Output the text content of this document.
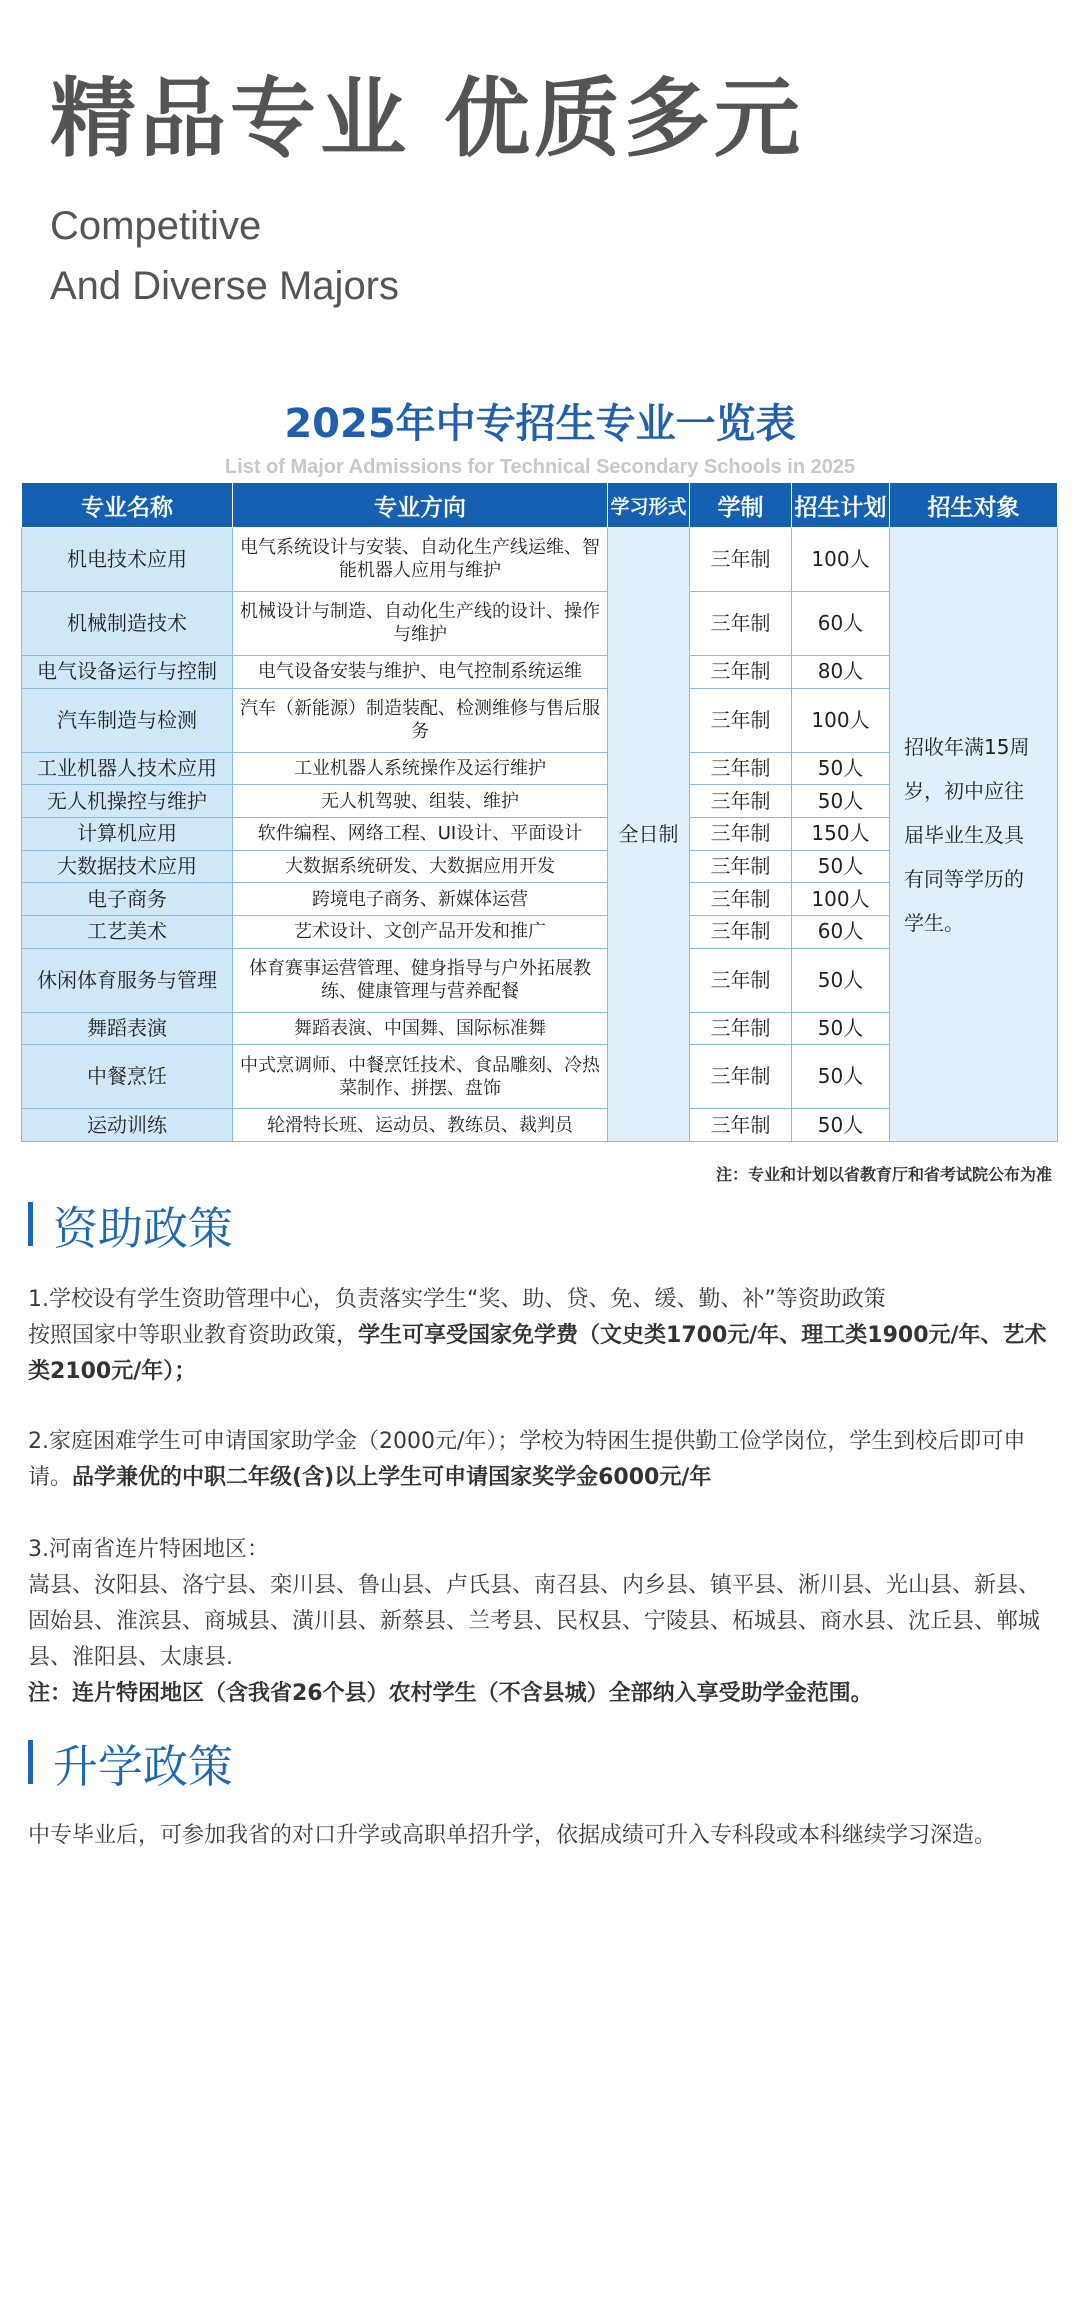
精品专业 优质多元
Competitive
And Diverse Majors
2025年中专招生专业一览表
List of Major Admissions for Technical Secondary Schools in 2025
专业名称	专业方向	学习形式	学制	招生计划	招生对象
机电技术应用	电气系统设计与安装、自动化生产线运维、智能机器人应用与维护	全日制	三年制	100人	招收年满15周岁，初中应往届毕业生及具有同等学历的学生。
机械制造技术	机械设计与制造、自动化生产线的设计、操作与维护		三年制	60人	
电气设备运行与控制	电气设备安装与维护、电气控制系统运维		三年制	80人	
汽车制造与检测	汽车（新能源）制造装配、检测维修与售后服务		三年制	100人	
工业机器人技术应用	工业机器人系统操作及运行维护		三年制	50人	
无人机操控与维护	无人机驾驶、组装、维护		三年制	50人	
计算机应用	软件编程、网络工程、UI设计、平面设计		三年制	150人	
大数据技术应用	大数据系统研发、大数据应用开发		三年制	50人	
电子商务	跨境电子商务、新媒体运营		三年制	100人	
工艺美术	艺术设计、文创产品开发和推广		三年制	60人	
休闲体育服务与管理	体育赛事运营管理、健身指导与户外拓展教练、健康管理与营养配餐		三年制	50人	
舞蹈表演	舞蹈表演、中国舞、国际标准舞		三年制	50人	
中餐烹饪	中式烹调师、中餐烹饪技术、食品雕刻、冷热菜制作、拼摆、盘饰		三年制	50人	
运动训练	轮滑特长班、运动员、教练员、裁判员		三年制	50人	
注：专业和计划以省教育厅和省考试院公布为准
资助政策
1.学校设有学生资助管理中心，负责落实学生“奖、助、贷、免、缓、勤、补”等资助政策
按照国家中等职业教育资助政策，学生可享受国家免学费（文史类1700元/年、理工类1900元/年、艺术类2100元/年）；
2.家庭困难学生可申请国家助学金（2000元/年）；学校为特困生提供勤工俭学岗位，学生到校后即可申请。品学兼优的中职二年级(含)以上学生可申请国家奖学金6000元/年
3.河南省连片特困地区：
嵩县、汝阳县、洛宁县、栾川县、鲁山县、卢氏县、南召县、内乡县、镇平县、淅川县、光山县、新县、固始县、淮滨县、商城县、潢川县、新蔡县、兰考县、民权县、宁陵县、柘城县、商水县、沈丘县、郸城县、淮阳县、太康县.
注：连片特困地区（含我省26个县）农村学生（不含县城）全部纳入享受助学金范围。
升学政策
中专毕业后，可参加我省的对口升学或高职单招升学，依据成绩可升入专科段或本科继续学习深造。
